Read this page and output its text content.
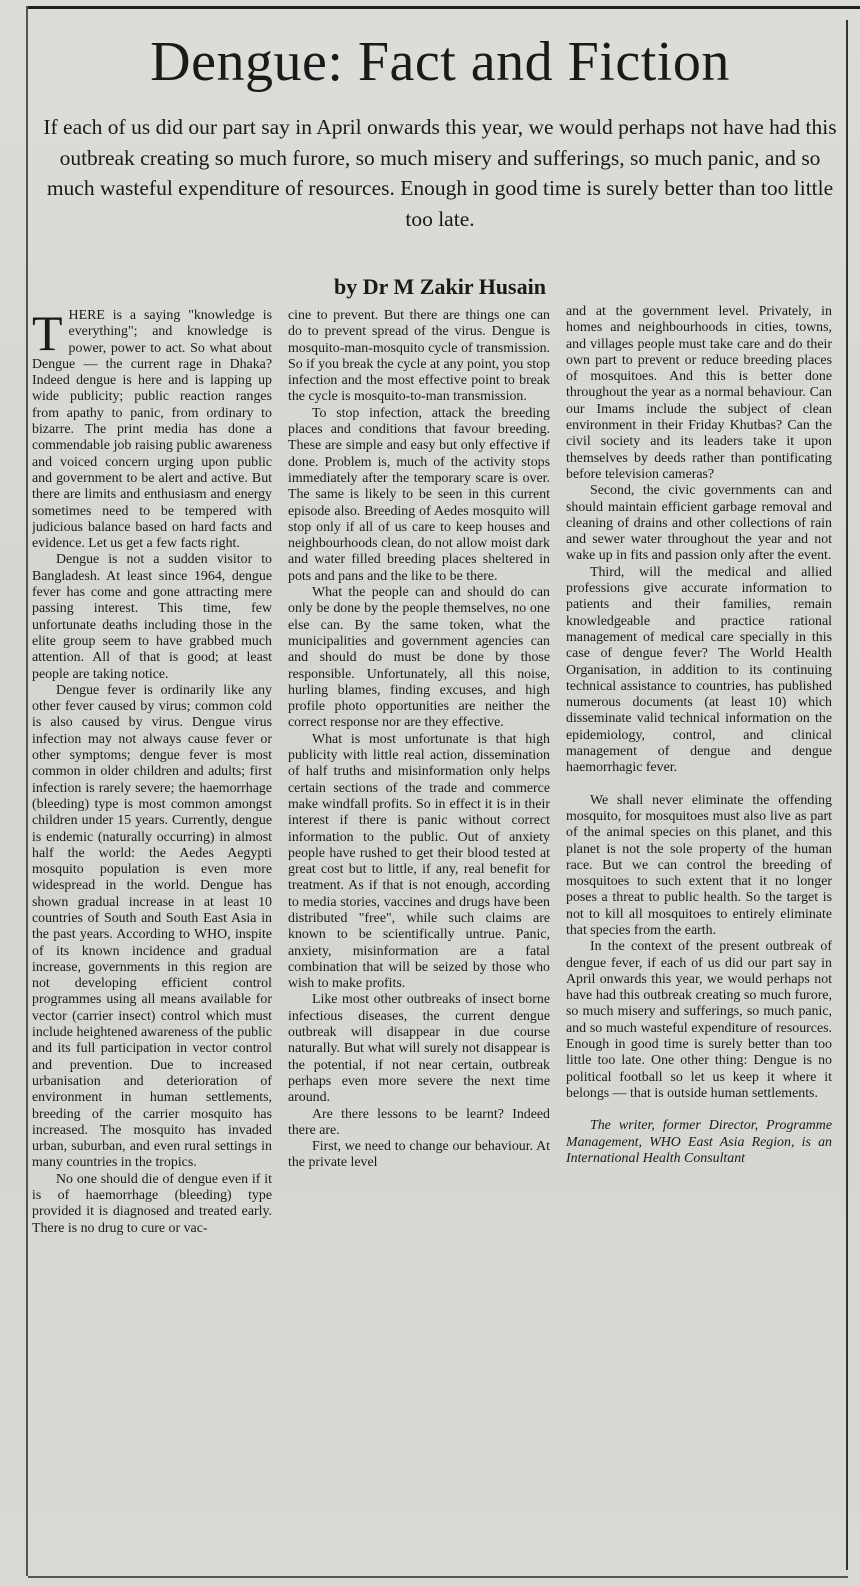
Dengue: Fact and Fiction

If each of us did our part say in April onwards this year, we would perhaps not have had this outbreak creating so much furore, so much misery and sufferings, so much panic, and so much wasteful expenditure of resources. Enough in good time is surely better than too little too late.

by Dr M Zakir Husain

T HERE is a saying "knowledge is everything"; and knowledge is power, power to act. So what about Dengue — the current rage in Dhaka? Indeed dengue is here and is lapping up wide publicity; public reaction ranges from apathy to panic, from ordinary to bizarre. The print media has done a commendable job raising public awareness and voiced concern urging upon public and government to be alert and active. But there are limits and enthusiasm and energy sometimes need to be tempered with judicious balance based on hard facts and evidence. Let us get a few facts right.

Dengue is not a sudden visitor to Bangladesh. At least since 1964, dengue fever has come and gone attracting mere passing interest. This time, few unfortunate deaths including those in the elite group seem to have grabbed much attention. All of that is good; at least people are taking notice.

Dengue fever is ordinarily like any other fever caused by virus; common cold is also caused by virus. Dengue virus infection may not always cause fever or other symptoms; dengue fever is most common in older children and adults; first infection is rarely severe; the haemorrhage (bleeding) type is most common amongst children under 15 years. Currently, dengue is endemic (naturally occurring) in almost half the world: the Aedes Aegypti mosquito population is even more widespread in the world. Dengue has shown gradual increase in at least 10 countries of South and South East Asia in the past years. According to WHO, inspite of its known incidence and gradual increase, governments in this region are not developing efficient control programmes using all means available for vector (carrier insect) control which must include heightened awareness of the public and its full participation in vector control and prevention. Due to increased urbanisation and deterioration of environment in human settlements, breeding of the carrier mosquito has increased. The mosquito has invaded urban, suburban, and even rural settings in many countries in the tropics.

No one should die of dengue even if it is of haemorrhage (bleeding) type provided it is diagnosed and treated early. There is no drug to cure or vac-

cine to prevent. But there are things one can do to prevent spread of the virus. Dengue is mosquito-man-mosquito cycle of transmission. So if you break the cycle at any point, you stop infection and the most effective point to break the cycle is mosquito-to-man transmission.

To stop infection, attack the breeding places and conditions that favour breeding. These are simple and easy but only effective if done. Problem is, much of the activity stops immediately after the temporary scare is over. The same is likely to be seen in this current episode also. Breeding of Aedes mosquito will stop only if all of us care to keep houses and neighbourhoods clean, do not allow moist dark and water filled breeding places sheltered in pots and pans and the like to be there.

What the people can and should do can only be done by the people themselves, no one else can. By the same token, what the municipalities and government agencies can and should do must be done by those responsible. Unfortunately, all this noise, hurling blames, finding excuses, and high profile photo opportunities are neither the correct response nor are they effective.

What is most unfortunate is that high publicity with little real action, dissemination of half truths and misinformation only helps certain sections of the trade and commerce make windfall profits. So in effect it is in their interest if there is panic without correct information to the public. Out of anxiety people have rushed to get their blood tested at great cost but to little, if any, real benefit for treatment. As if that is not enough, according to media stories, vaccines and drugs have been distributed "free", while such claims are known to be scientifically untrue. Panic, anxiety, misinformation are a fatal combination that will be seized by those who wish to make profits.

Like most other outbreaks of insect borne infectious diseases, the current dengue outbreak will disappear in due course naturally. But what will surely not disappear is the potential, if not near certain, outbreak perhaps even more severe the next time around.

Are there lessons to be learnt? Indeed there are.

First, we need to change our behaviour. At the private level

and at the government level. Privately, in homes and neighbourhoods in cities, towns, and villages people must take care and do their own part to prevent or reduce breeding places of mosquitoes. And this is better done throughout the year as a normal behaviour. Can our Imams include the subject of clean environment in their Friday Khutbas? Can the civil society and its leaders take it upon themselves by deeds rather than pontificating before television cameras?

Second, the civic governments can and should maintain efficient garbage removal and cleaning of drains and other collections of rain and sewer water throughout the year and not wake up in fits and passion only after the event.

Third, will the medical and allied professions give accurate information to patients and their families, remain knowledgeable and practice rational management of medical care specially in this case of dengue fever? The World Health Organisation, in addition to its continuing technical assistance to countries, has published numerous documents (at least 10) which disseminate valid technical information on the epidemiology, control, and clinical management of dengue and dengue haemorrhagic fever.

We shall never eliminate the offending mosquito, for mosquitoes must also live as part of the animal species on this planet, and this planet is not the sole property of the human race. But we can control the breeding of mosquitoes to such extent that it no longer poses a threat to public health. So the target is not to kill all mosquitoes to entirely eliminate that species from the earth.

In the context of the present outbreak of dengue fever, if each of us did our part say in April onwards this year, we would perhaps not have had this outbreak creating so much furore, so much misery and sufferings, so much panic, and so much wasteful expenditure of resources. Enough in good time is surely better than too little too late. One other thing: Dengue is no political football so let us keep it where it belongs — that is outside human settlements.

The writer, former Director, Programme Management, WHO East Asia Region, is an International Health Consultant
